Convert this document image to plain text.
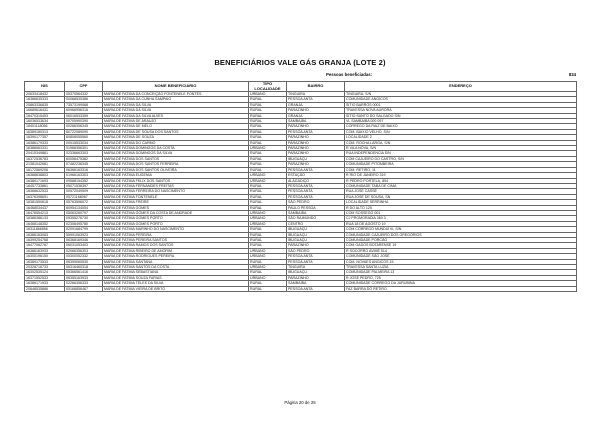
BENEFICIÁRIOS VALE GÁS GRANJA (LOTE 2)
Pessoas beneficiadas:	834
NIS	CPF	NOME BENEFICIÁRIO	TIPO LOCALIDADE	BAIRRO	ENDEREÇO
20633418432	05370564332	MARIA DE FATIMA DA CONCEIÇÃO FONTENELE FONTES	URBANO	TINGUIRA	TINGUIRA, S/N
16386635333	00068535386	MARIA DE FATIMA DA CUNHA SAMPAIO	RURAL	PESSOA ANTA	COMUNIDADE ANGICOS
20863336835	73573199068	MARIA DE FATIMA DA SILVA	RURAL	GRANJA	SITIO BARROS 0001
16689616431	60966956316	MARIA DE FATIMA DA SILVA	RURAL	PARAZINHO	TRAVESSA NOVA AURORA
16470315453	06016533359	MARIA DE FATIMA DA SILVA ALVES	RURAL	GRANJA	SITIO SANTO DO SALGADO S/N
16036533634	00705990390	MARIA DE FATIMA DE ARAUJO	RURAL	SAMBAIBA	VL SAMBAIBA 000 097
16401118056	00266306345	MARIA DE FATIMA DE MELO	RURAL	PARAZINHO	CORREGO DA RAIZ DE BAIXO
16389180313	60722089090	MARIA DE FATIMA DE SOUSA DOS SANTOS	RURAL	PESSOA ANTA	COM. BAIXIO VELHO, S/N
16390177357	60808055560	MARIA DE FATIMA DE SOUZA	RURAL	PARAZINHO	LOCALIDADE 2
16386179333	00015533034	MARIA DE FATIMA DO CARMO	RURAL	PARAZINHO	COM. ROCHA LARGA, S/N
16386563331	01966356301	MARIA DE FATIMA DOMINGOS DA COSTA	URBANO	PARAZINHO	R VILA NOVA, S/N
20415349861	02336663303	MARIA DE FATIMA DOMINGOS DA SILVA	RURAL	PARAZINHO	RUA INDEPENDENCIA S/N
16372536783	60056475382	MARIA DE FATIMA DOS SANTOS	RURAL	IBUGUAÇU	COM CAJUEIRO DO CASTRO, S/N
21381042661	07482236345	MARIA DE FATIMA DOS SANTOS FERREIRA	RURAL	PARAZINHO	COMUNIDADE PITOMBEIRA
16172569206	06366163316	MARIA DE FATIMA DOS SANTOS OLIVEIRA	RURAL	PESSOA ANTA	COM. RETIRO, 11
16388638803	01966163303	MARIA DE FATIMA EUGENIA	URBANO	ESTAÇÃO	R RIO DE JANEIRO 319
16386171693	09588154352	MARIA DE FATIMA FELIX DOS SANTOS	URBANO	ALAGADIÇO	R PEDRO PORTELA, 894
16457733861	05071536397	MARIA DE FATIMA FERNANDES FREITAS	RURAL	PESSOA ANTA	COMUNIDADE TABA DE CIMA
16368632533	00572049509	MARIA DE FATIMA FERREIRA DO NASCIMENTO	RURAL	PESSOA ANTA	RUA JOSÉ CASSÉ
16376398691	05721168067	MARIA DE FATIMA FONTENELE	RURAL	PESSOA ANTA	RUA JOSÉ DE SOUSA, SN
16381550618	05763596072	MARIA DE FATIMA FREIRE	RURAL	SÃO PEDRO	LOCALIDADE SERRINHA
16468034437	60954134054	MARIA DE FATIMA GOMES	RURAL	PAULO PESSOA	R DO ALTO 125
16478554213	05063260797	MARIA DE FATIMA GOMES DA COSTA DE ANDRADE	URBANO	SAMBAIBA	COM SOSSEGO 001
16386386133	09355276730	MARIA DE FATIMA GOMES PORTO	URBANO	SÃO RAIMUNDO	CJ PROMORADIA 360 3
16468148352	02306495780	MARIA DE FATIMA GOMES PORTO	URBANO	CENTRO	RUA 18 DE AGOSTO 19
16311866856	02091684799	MARIA DE FATIMA MARINHO DO NASCIMENTO	RURAL	IBUGUAÇU	COM CÓRREGO MUNDUÍ III, S/N
16386163083	55991063923	MARIA DE FATIMA PEREIRA	RURAL	IBUGUAÇU	COMUNIDADE CAJUEIRO DOS GREGÓRIOS
16399254768	06368169346	MARIA DE FATIMA PEREIRA SANTOS	RURAL	IBUGUAÇU	COMUNIDADE PORCÃO
16477062767	06031053403	MARIA DE FATIMA RAMOS DOS SANTOS	RURAL	PARAZINHO	COM GADOS BOTARENSE 19
16386163933	02066356303	MARIA DE FATIMA RIBEIRO DE AMORIM	URBANO	SÃO PEDRO	R SOCORRO AVIMÉ 514
16300196150	05300052332	MARIA DE FATIMA RODRIGUES PEREIRA	URBANO	PESSOA ANTA	COMUNIDADE SÃO JOSÉ
16389173533	06395060530	MARIA DE FATIMA SANTANA	RURAL	PESSOA ANTA	COM. NOVAES ANGICOS 15
20328716733	06316460318	MARIA DE FATIMA SANTOS DA COSTA	URBANO	TINGUIRA	TRAVESSA SANTA LUZIA
16302535124	05366561416	MARIA DE FATIMA SEBASTIANA	RURAL	IBUGUAÇU	COMUNIDADE PALMEIRA 13
16371552533	06355163933	MARIA DE FATIMA SOUZA FARIAS	URBANO	PARAZINHO	R JOSÉ PEDRO, 725
16386171933	02266356333	MARIA DE FATIMA TELES DA SILVA	RURAL	SAMBAIBA	COMUNIDADE CÓRREGO DA JURUBINA
20648535886	05166856467	MARIA DE FATIMA VIEIRA DE BRITO	RURAL	PESSOA ANTA	FAZ BARRA DO RETIRO
Página 20 de 25
